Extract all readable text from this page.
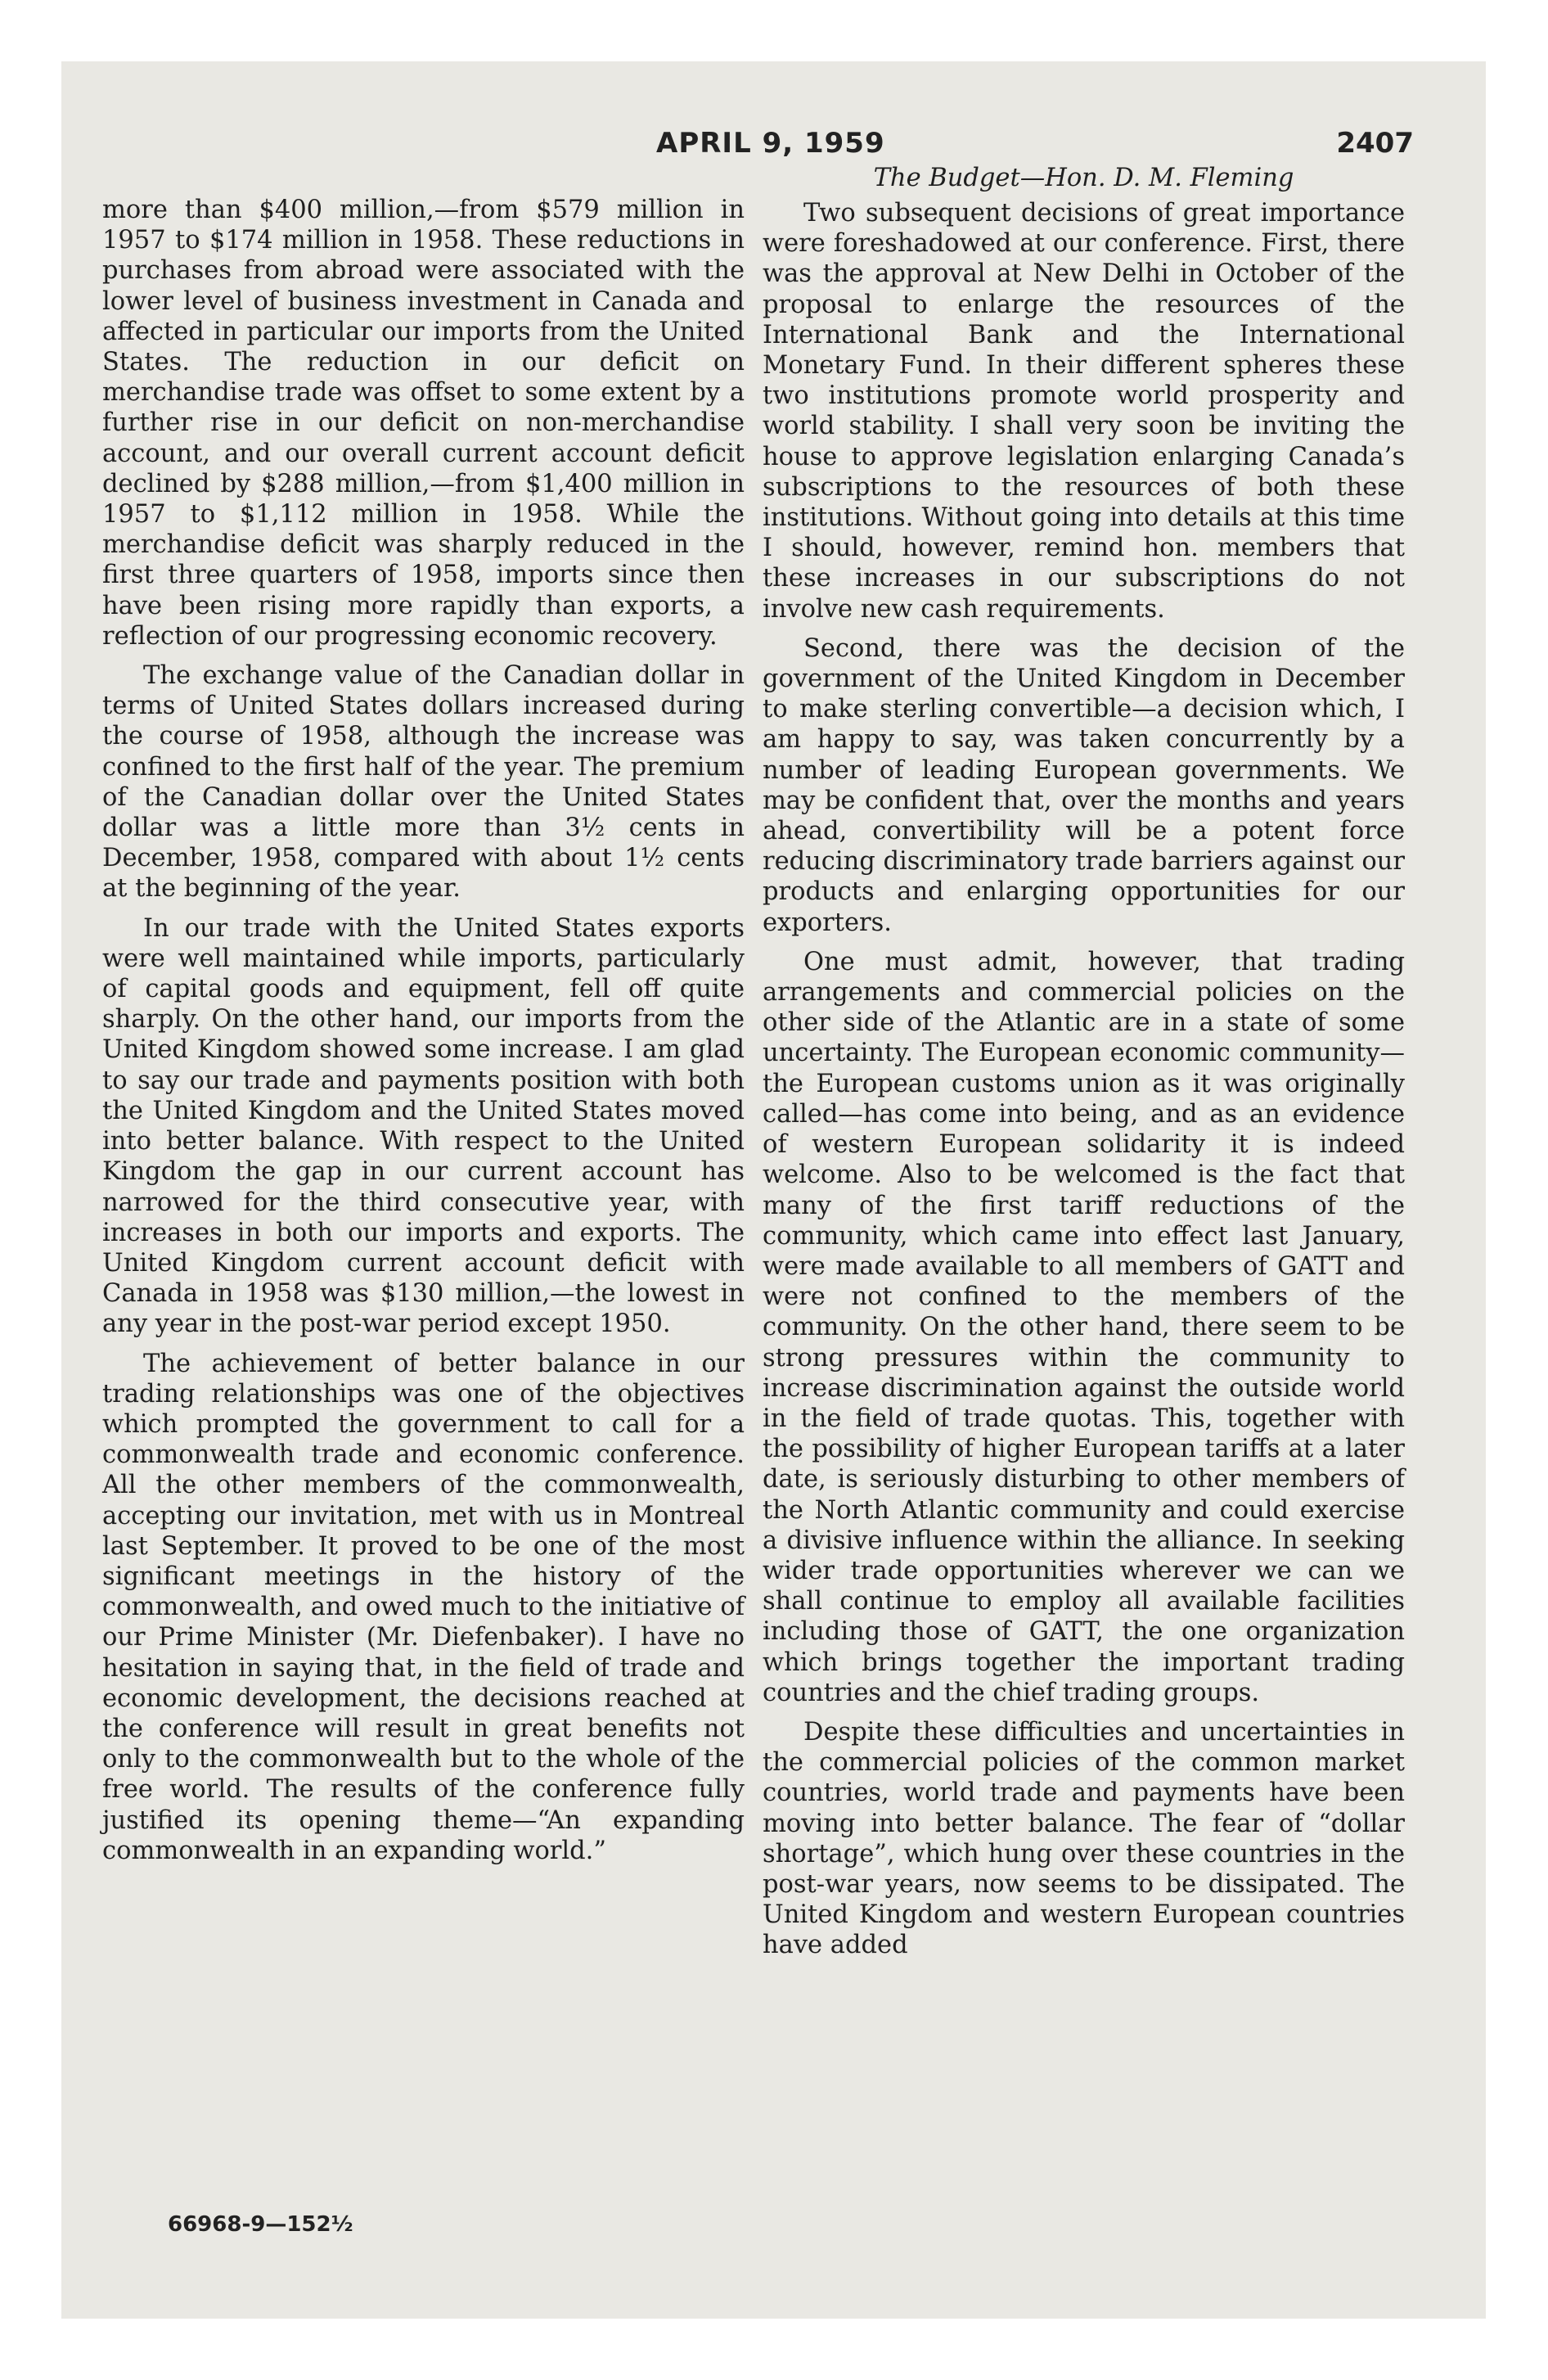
APRIL 9, 1959	2407

more than $400 million,—from $579 million in 1957 to $174 million in 1958. These reductions in purchases from abroad were associated with the lower level of business investment in Canada and affected in particular our imports from the United States. The reduction in our deficit on merchandise trade was offset to some extent by a further rise in our deficit on non-merchandise account, and our overall current account deficit declined by $288 million,—from $1,400 million in 1957 to $1,112 million in 1958. While the merchandise deficit was sharply reduced in the first three quarters of 1958, imports since then have been rising more rapidly than exports, a reflection of our progressing economic recovery.

The exchange value of the Canadian dollar in terms of United States dollars increased during the course of 1958, although the increase was confined to the first half of the year. The premium of the Canadian dollar over the United States dollar was a little more than 3½ cents in December, 1958, compared with about 1½ cents at the beginning of the year.

In our trade with the United States exports were well maintained while imports, particularly of capital goods and equipment, fell off quite sharply. On the other hand, our imports from the United Kingdom showed some increase. I am glad to say our trade and payments position with both the United Kingdom and the United States moved into better balance. With respect to the United Kingdom the gap in our current account has narrowed for the third consecutive year, with increases in both our imports and exports. The United Kingdom current account deficit with Canada in 1958 was $130 million,—the lowest in any year in the post-war period except 1950.

The achievement of better balance in our trading relationships was one of the objectives which prompted the government to call for a commonwealth trade and economic conference. All the other members of the commonwealth, accepting our invitation, met with us in Montreal last September. It proved to be one of the most significant meetings in the history of the commonwealth, and owed much to the initiative of our Prime Minister (Mr. Diefenbaker). I have no hesitation in saying that, in the field of trade and economic development, the decisions reached at the conference will result in great benefits not only to the commonwealth but to the whole of the free world. The results of the conference fully justified its opening theme—“An expanding commonwealth in an expanding world.”

The Budget—Hon. D. M. Fleming

Two subsequent decisions of great importance were foreshadowed at our conference. First, there was the approval at New Delhi in October of the proposal to enlarge the resources of the International Bank and the International Monetary Fund. In their different spheres these two institutions promote world prosperity and world stability. I shall very soon be inviting the house to approve legislation enlarging Canada’s subscriptions to the resources of both these institutions. Without going into details at this time I should, however, remind hon. members that these increases in our subscriptions do not involve new cash requirements.

Second, there was the decision of the government of the United Kingdom in December to make sterling convertible—a decision which, I am happy to say, was taken concurrently by a number of leading European governments. We may be confident that, over the months and years ahead, convertibility will be a potent force reducing discriminatory trade barriers against our products and enlarging opportunities for our exporters.

One must admit, however, that trading arrangements and commercial policies on the other side of the Atlantic are in a state of some uncertainty. The European economic community—the European customs union as it was originally called—has come into being, and as an evidence of western European solidarity it is indeed welcome. Also to be welcomed is the fact that many of the first tariff reductions of the community, which came into effect last January, were made available to all members of GATT and were not confined to the members of the community. On the other hand, there seem to be strong pressures within the community to increase discrimination against the outside world in the field of trade quotas. This, together with the possibility of higher European tariffs at a later date, is seriously disturbing to other members of the North Atlantic community and could exercise a divisive influence within the alliance. In seeking wider trade opportunities wherever we can we shall continue to employ all available facilities including those of GATT, the one organization which brings together the important trading countries and the chief trading groups.

Despite these difficulties and uncertainties in the commercial policies of the common market countries, world trade and payments have been moving into better balance. The fear of “dollar shortage”, which hung over these countries in the post-war years, now seems to be dissipated. The United Kingdom and western European countries have added

66968-9—152½
